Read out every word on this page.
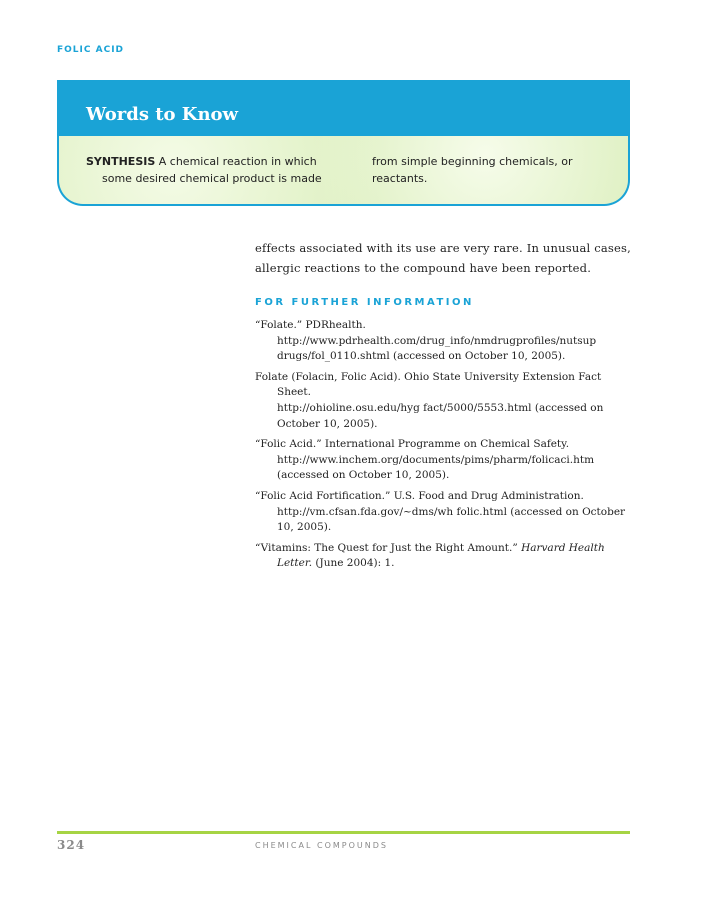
FOLIC ACID
Words to Know
SYNTHESIS A chemical reaction in which
some desired chemical product is made
from simple beginning chemicals, or
reactants.
effects associated with its use are very rare. In unusual cases,
allergic reactions to the compound have been reported.
FOR FURTHER INFORMATION
“Folate.” PDRhealth.
http://www.pdrhealth.com/drug_info/nmdrugprofiles/nutsup
drugs/fol_0110.shtml (accessed on October 10, 2005).
Folate (Folacin, Folic Acid). Ohio State University Extension Fact
Sheet.
http://ohioline.osu.edu/hyg fact/5000/5553.html (accessed on
October 10, 2005).
“Folic Acid.” International Programme on Chemical Safety.
http://www.inchem.org/documents/pims/pharm/folicaci.htm
(accessed on October 10, 2005).
“Folic Acid Fortification.” U.S. Food and Drug Administration.
http://vm.cfsan.fda.gov/~dms/wh folic.html (accessed on October
10, 2005).
“Vitamins: The Quest for Just the Right Amount.” Harvard Health
Letter. (June 2004): 1.
324	CHEMICAL COMPOUNDS
